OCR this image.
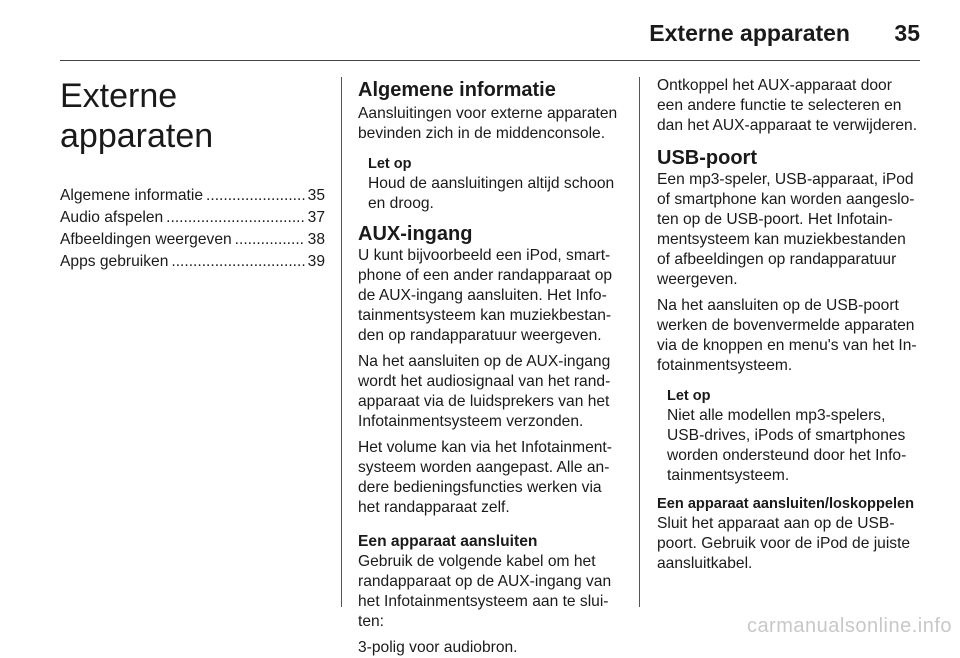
Externe apparaten 35
Externe apparaten
Algemene informatie .....	35
Audio afspelen .....	37
Afbeeldingen weergeven .....	38
Apps gebruiken .....	39
Algemene informatie

Aansluitingen voor externe apparaten bevinden zich in de middenconsole.

Let op

Houd de aansluitingen altijd schoon en droog.

AUX-ingang

U kunt bijvoorbeeld een iPod, smart-phone of een ander randapparaat op de AUX-ingang aansluiten. Het Info-tainmentsysteem kan muziekbestan-den op randapparatuur weergeven.

Na het aansluiten op de AUX-ingang wordt het audiosignaal van het rand-apparaat via de luidsprekers van het Infotainmentsysteem verzonden.

Het volume kan via het Infotainment-systeem worden aangepast. Alle an-dere bedieningsfuncties werken via het randapparaat zelf.

Een apparaat aansluiten

Gebruik de volgende kabel om het randapparaat op de AUX-ingang van het Infotainmentsysteem aan te slui-ten:

3-polig voor audiobron.

Ontkoppel het AUX-apparaat door een andere functie te selecteren en dan het AUX-apparaat te verwijderen.

USB-poort

Een mp3-speler, USB-apparaat, iPod of smartphone kan worden aangeslo-ten op de USB-poort. Het Infotain-mentsysteem kan muziekbestanden of afbeeldingen op randapparatuur weergeven.

Na het aansluiten op de USB-poort werken de bovenvermelde apparaten via de knoppen en menu's van het In-fotainmentsysteem.

Let op

Niet alle modellen mp3-spelers, USB-drives, iPods of smartphones worden ondersteund door het Info-tainmentsysteem.

Een apparaat aansluiten/loskoppelen

Sluit het apparaat aan op de USB-poort. Gebruik voor de iPod de juiste aansluitkabel.

carmanualsonline.info
